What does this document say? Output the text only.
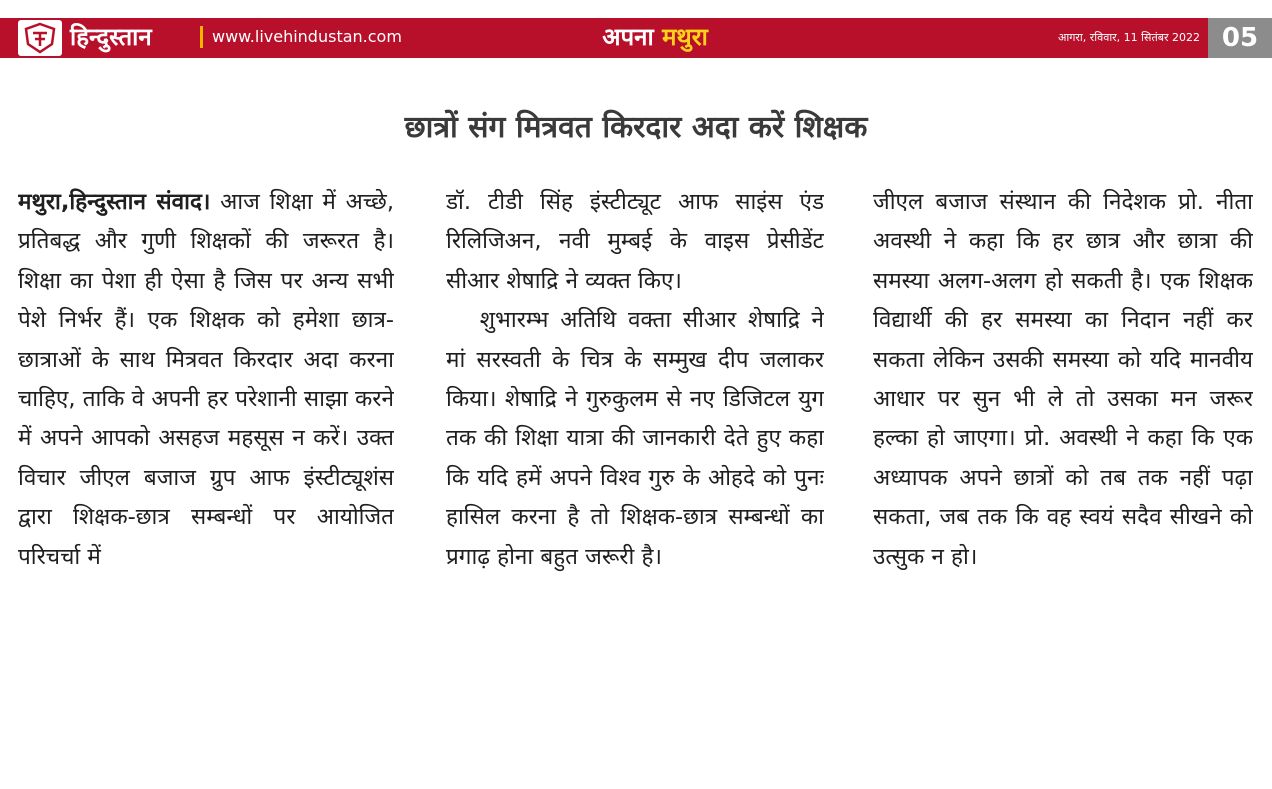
हिन्दुस्तान	www.livehindustan.com	अपना मथुरा	आगरा, रविवार, 11 सितंबर 2022 05
छात्रों संग मित्रवत किरदार अदा करें शिक्षक

मथुरा,हिन्दुस्तान संवाद। आज शिक्षा में अच्छे, प्रतिबद्ध और गुणी शिक्षकों की जरूरत है। शिक्षा का पेशा ही ऐसा है जिस पर अन्य सभी पेशे निर्भर हैं। एक शिक्षक को हमेशा छात्र-छात्राओं के साथ मित्रवत किरदार अदा करना चाहिए, ताकि वे अपनी हर परेशानी साझा करने में अपने आपको असहज महसूस न करें। उक्त विचार जीएल बजाज ग्रुप आफ इंस्टीट्यूशंस द्वारा शिक्षक-छात्र सम्बन्धों पर आयोजित परिचर्चा में

डॉ. टीडी सिंह इंस्टीट्यूट आफ साइंस एंड रिलिजिअन, नवी मुम्बई के वाइस प्रेसीडेंट सीआर शेषाद्रि ने व्यक्त किए।

शुभारम्भ अतिथि वक्ता सीआर शेषाद्रि ने मां सरस्वती के चित्र के सम्मुख दीप जलाकर किया। शेषाद्रि ने गुरुकुलम से नए डिजिटल युग तक की शिक्षा यात्रा की जानकारी देते हुए कहा कि यदि हमें अपने विश्व गुरु के ओहदे को पुनः हासिल करना है तो शिक्षक-छात्र सम्बन्धों का प्रगाढ़ होना बहुत जरूरी है।

जीएल बजाज संस्थान की निदेशक प्रो. नीता अवस्थी ने कहा कि हर छात्र और छात्रा की समस्या अलग-अलग हो सकती है। एक शिक्षक विद्यार्थी की हर समस्या का निदान नहीं कर सकता लेकिन उसकी समस्या को यदि मानवीय आधार पर सुन भी ले तो उसका मन जरूर हल्का हो जाएगा। प्रो. अवस्थी ने कहा कि एक अध्यापक अपने छात्रों को तब तक नहीं पढ़ा सकता, जब तक कि वह स्वयं सदैव सीखने को उत्सुक न हो।
